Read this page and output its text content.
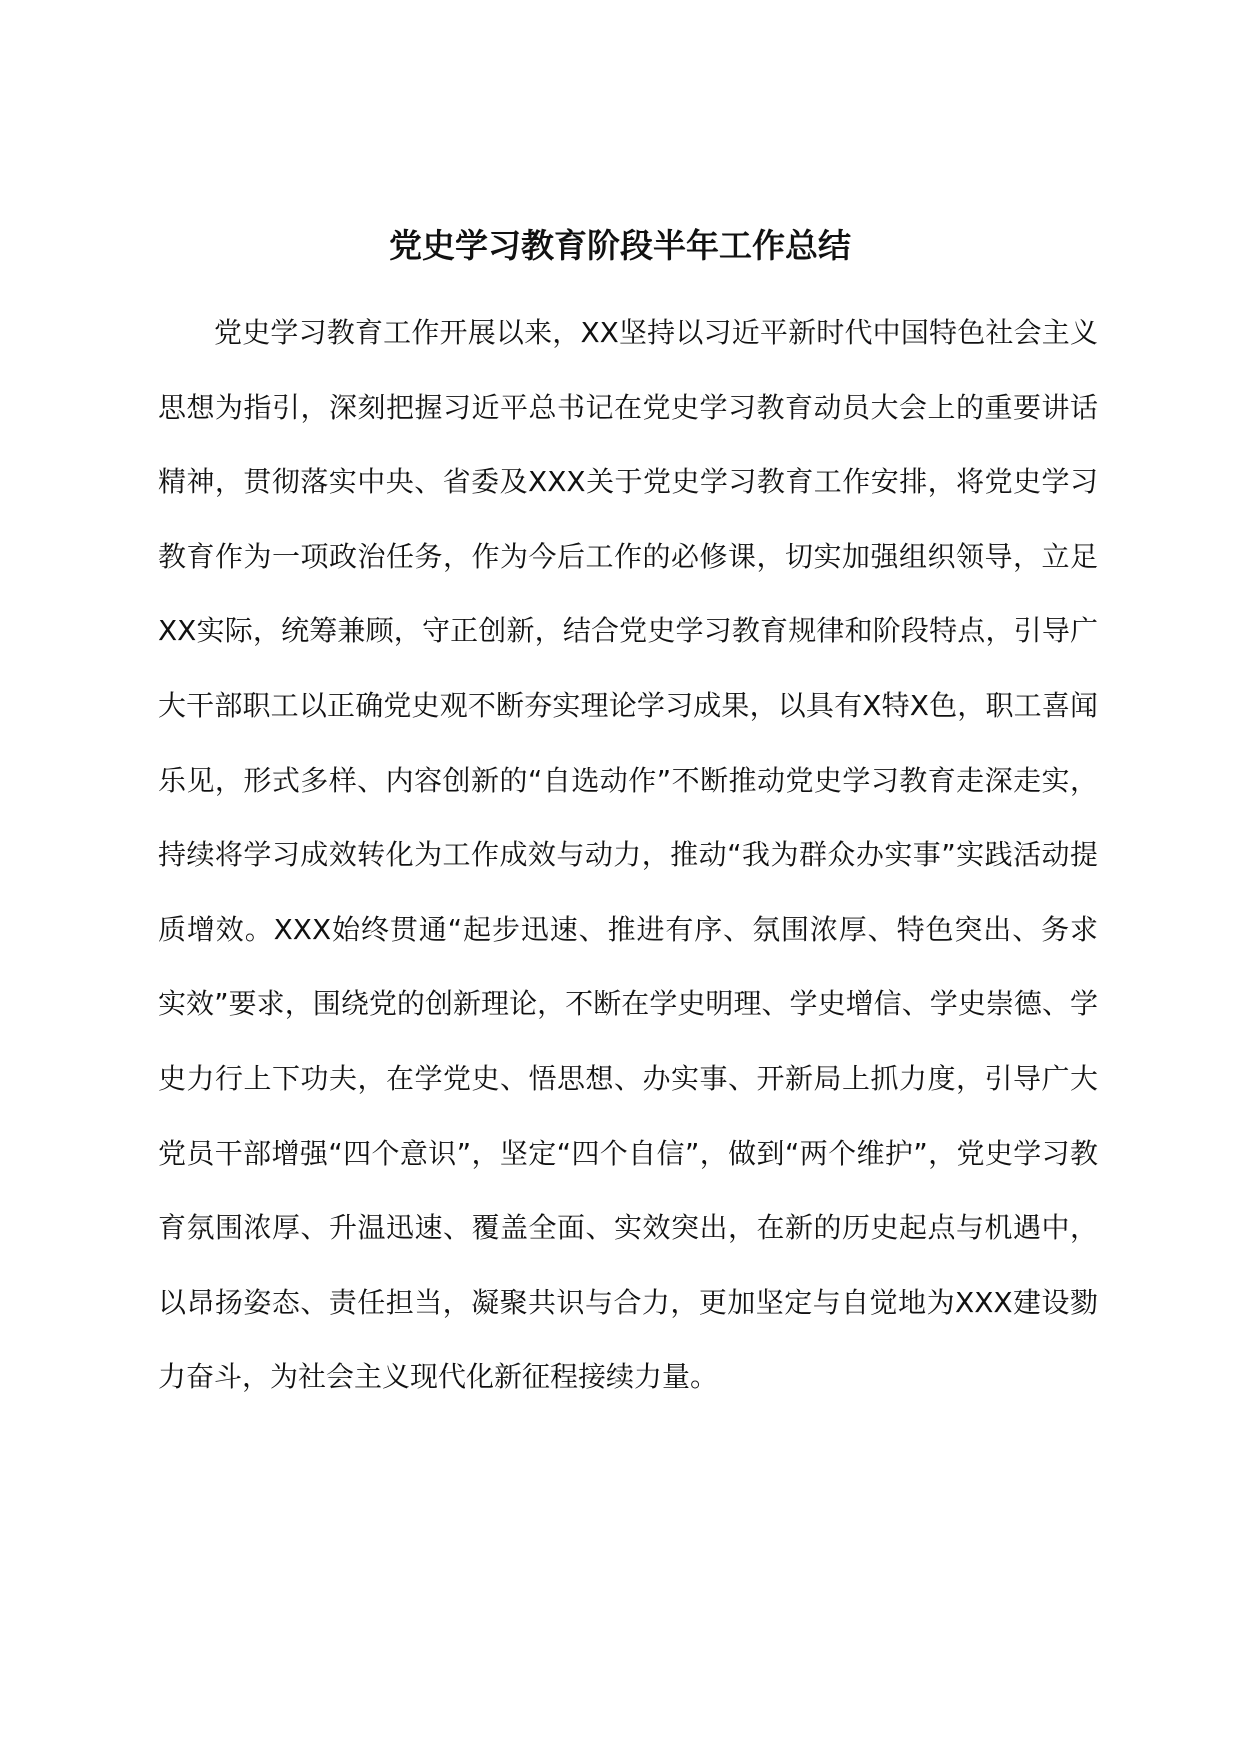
党史学习教育阶段半年工作总结

党史学习教育工作开展以来，XX坚持以习近平新时代中国特色社会主义思想为指引，深刻把握习近平总书记在党史学习教育动员大会上的重要讲话精神，贯彻落实中央、省委及XXX关于党史学习教育工作安排，将党史学习教育作为一项政治任务，作为今后工作的必修课，切实加强组织领导，立足XX实际，统筹兼顾，守正创新，结合党史学习教育规律和阶段特点，引导广大干部职工以正确党史观不断夯实理论学习成果，以具有X特X色，职工喜闻乐见，形式多样、内容创新的“自选动作”不断推动党史学习教育走深走实，持续将学习成效转化为工作成效与动力，推动“我为群众办实事”实践活动提质增效。XXX始终贯通“起步迅速、推进有序、氛围浓厚、特色突出、务求实效”要求，围绕党的创新理论，不断在学史明理、学史增信、学史崇德、学史力行上下功夫，在学党史、悟思想、办实事、开新局上抓力度，引导广大党员干部增强“四个意识”，坚定“四个自信”，做到“两个维护”，党史学习教育氛围浓厚、升温迅速、覆盖全面、实效突出，在新的历史起点与机遇中，以昂扬姿态、责任担当，凝聚共识与合力，更加坚定与自觉地为XXX建设勠力奋斗，为社会主义现代化新征程接续力量。
